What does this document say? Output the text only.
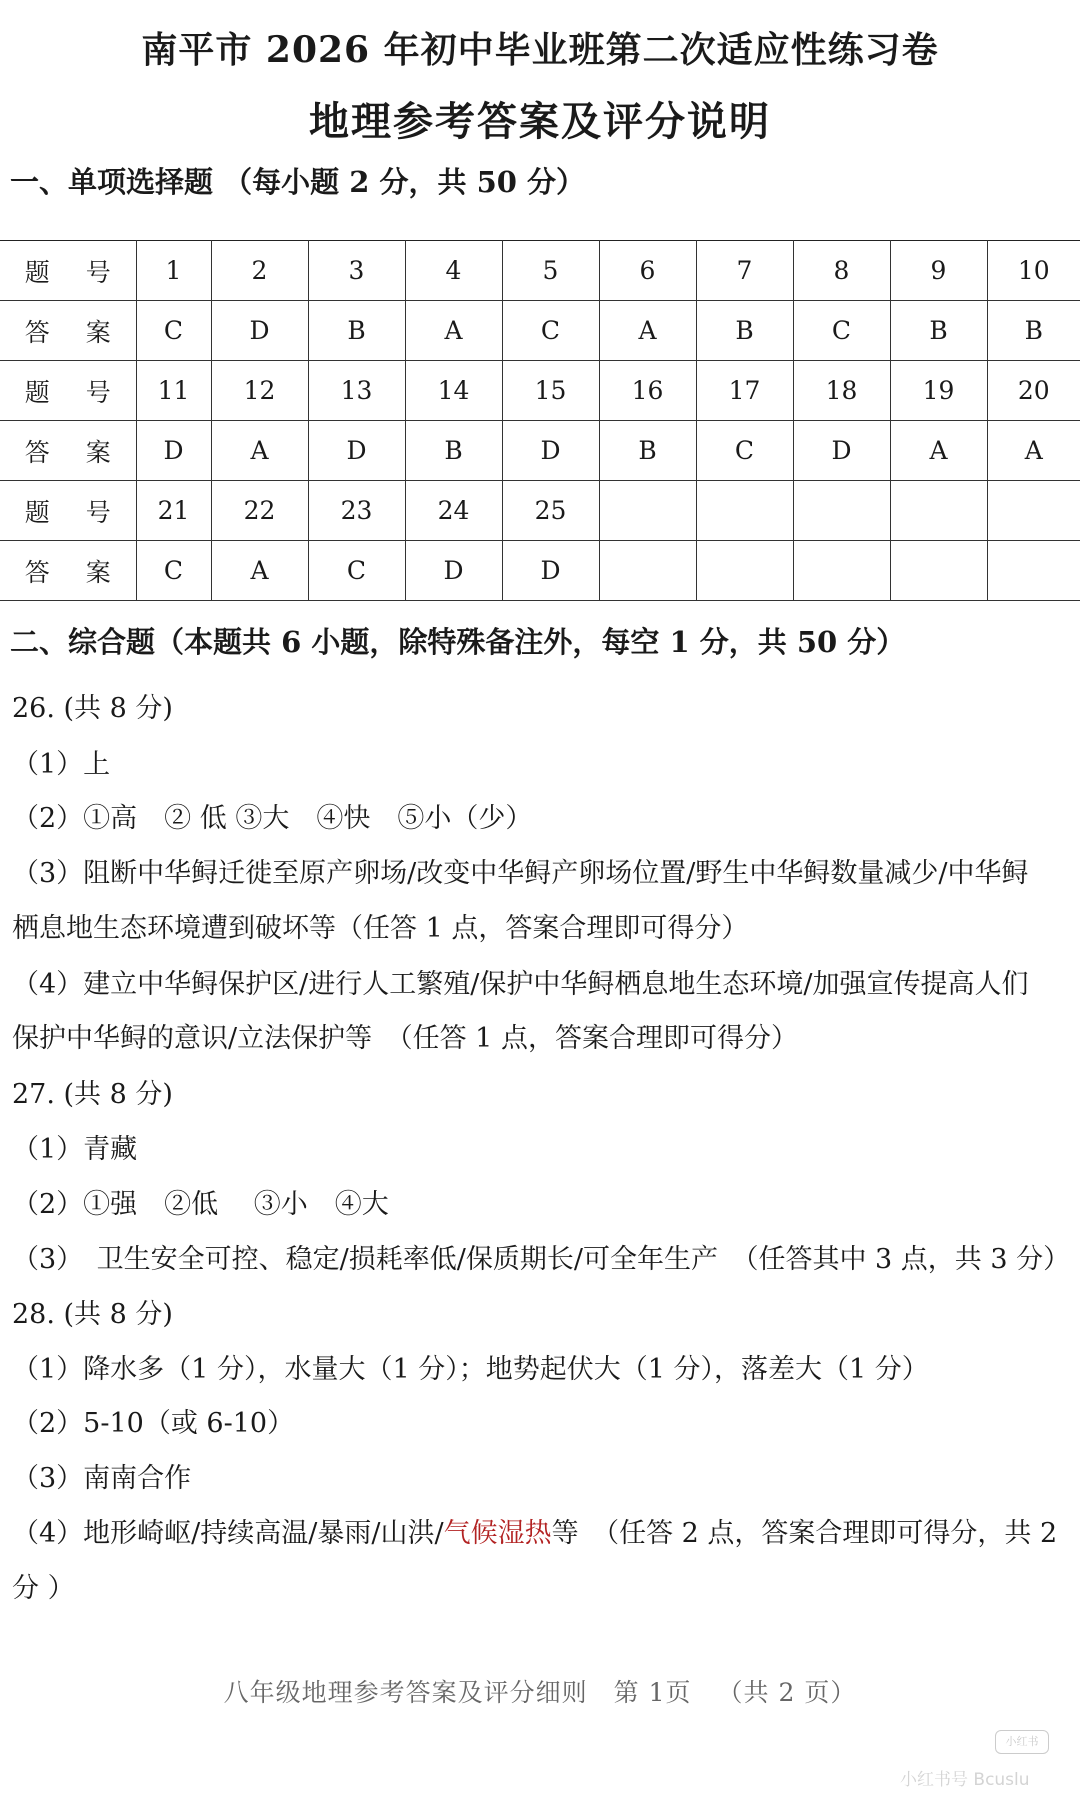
南平市 2026 年初中毕业班第二次适应性练习卷
地理参考答案及评分说明
一、单项选择题 （每小题 2 分，共 50 分）
题 号	1	2	3	4	5	6	7	8	9	10
答 案	C	D	B	A	C	A	B	C	B	B
题 号	11	12	13	14	15	16	17	18	19	20
答 案	D	A	D	B	D	B	C	D	A	A
题 号	21	22	23	24	25					
答 案	C	A	C	D	D					
二、综合题（本题共 6 小题，除特殊备注外，每空 1 分，共 50 分）
26. (共 8 分)
（1）上
（2）①高　② 低 ③大　④快　⑤小（少）
（3）阻断中华鲟迁徙至原产卵场/改变中华鲟产卵场位置/野生中华鲟数量减少/中华鲟
栖息地生态环境遭到破坏等（任答 1 点，答案合理即可得分）
（4）建立中华鲟保护区/进行人工繁殖/保护中华鲟栖息地生态环境/加强宣传提高人们
保护中华鲟的意识/立法保护等　（任答 1 点，答案合理即可得分）
27. (共 8 分)
（1）青藏
（2）①强　②低　 ③小　④大
（3）　卫生安全可控、稳定/损耗率低/保质期长/可全年生产　（任答其中 3 点，共 3 分）
28. (共 8 分)
（1）降水多（1 分），水量大（1 分）；地势起伏大（1 分），落差大（1 分）
（2）5-10（或 6-10）
（3）南南合作
（4）地形崎岖/持续高温/暴雨/山洪/气候湿热等　（任答 2 点，答案合理即可得分，共 2
分 ）
八年级地理参考答案及评分细则 第 1页 （共 2 页）
小红书
小红书号 Bcuslu
